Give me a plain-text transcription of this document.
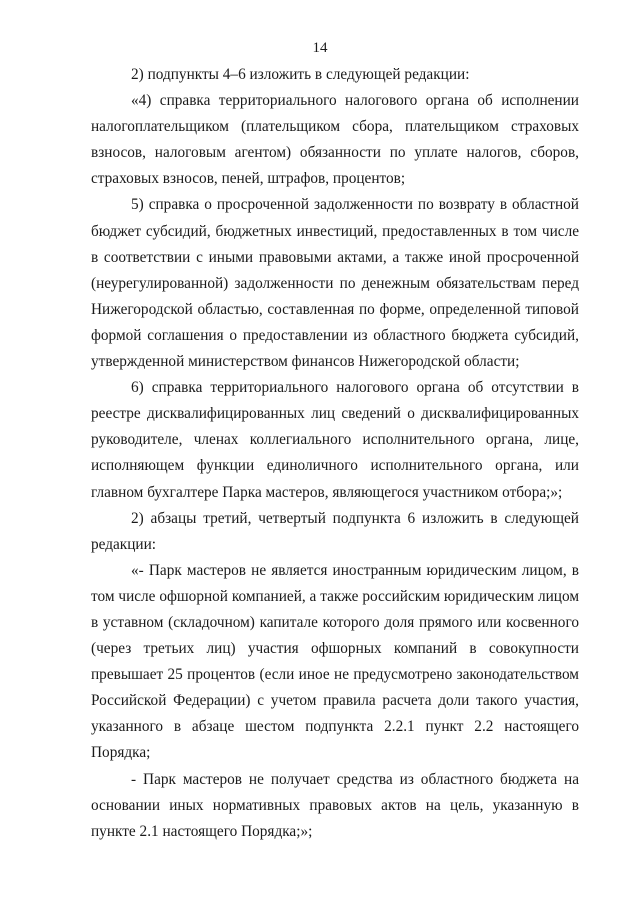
14

2) подпункты 4–6 изложить в следующей редакции:

«4) справка территориального налогового органа об исполнении налогоплательщиком (плательщиком сбора, плательщиком страховых взносов, налоговым агентом) обязанности по уплате налогов, сборов, страховых взносов, пеней, штрафов, процентов;

5) справка о просроченной задолженности по возврату в областной бюджет субсидий, бюджетных инвестиций, предоставленных в том числе в соответствии с иными правовыми актами, а также иной просроченной (неурегулированной) задолженности по денежным обязательствам перед Нижегородской областью, составленная по форме, определенной типовой формой соглашения о предоставлении из областного бюджета субсидий, утвержденной министерством финансов Нижегородской области;

6) справка территориального налогового органа об отсутствии в реестре дисквалифицированных лиц сведений о дисквалифицированных руководителе, членах коллегиального исполнительного органа, лице, исполняющем функции единоличного исполнительного органа, или главном бухгалтере Парка мастеров, являющегося участником отбора;»;

2) абзацы третий, четвертый подпункта 6 изложить в следующей редакции:

«- Парк мастеров не является иностранным юридическим лицом, в том числе офшорной компанией, а также российским юридическим лицом в уставном (складочном) капитале которого доля прямого или косвенного (через третьих лиц) участия офшорных компаний в совокупности превышает 25 процентов (если иное не предусмотрено законодательством Российской Федерации) с учетом правила расчета доли такого участия, указанного в абзаце шестом подпункта 2.2.1 пункт 2.2 настоящего Порядка;

- Парк мастеров не получает средства из областного бюджета на основании иных нормативных правовых актов на цель, указанную в пункте 2.1 настоящего Порядка;»;
